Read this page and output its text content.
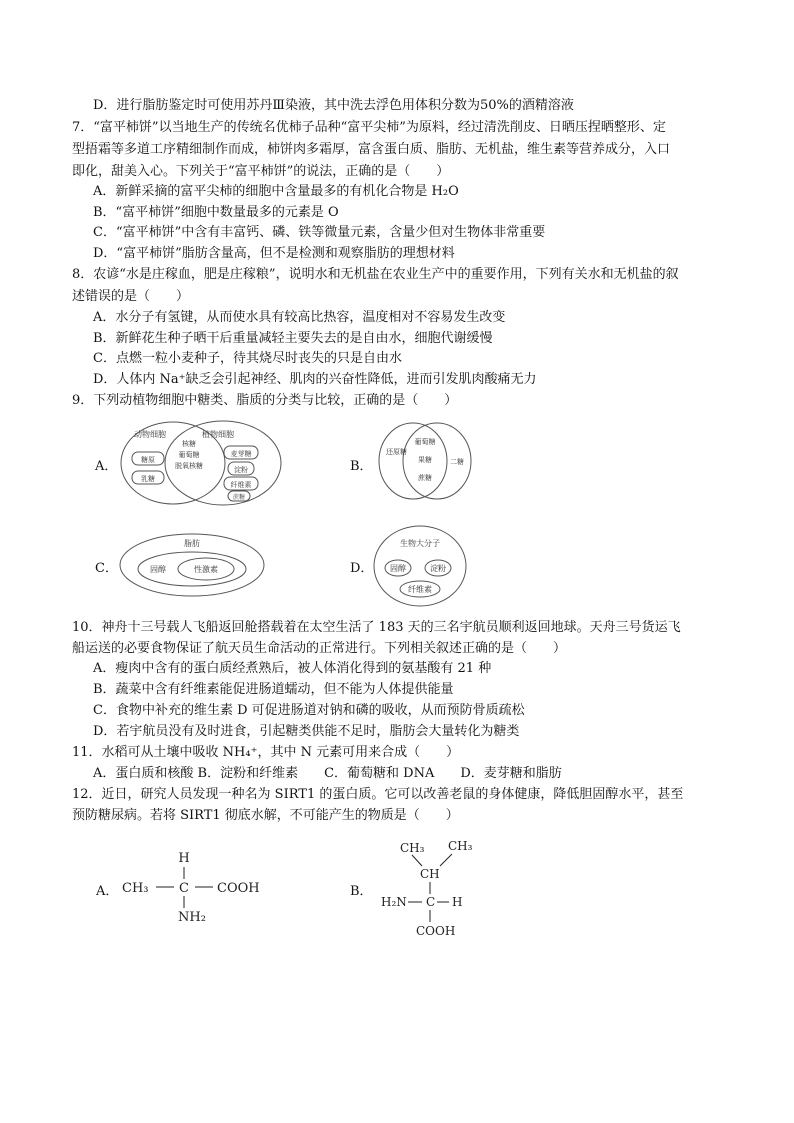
D．进行脂肪鉴定时可使用苏丹Ⅲ染液，其中洗去浮色用体积分数为50%的酒精溶液
7．“富平柿饼”以当地生产的传统名优柿子品种“富平尖柿”为原料，经过清洗削皮、日晒压捏晒整形、定
型捂霜等多道工序精细制作而成，柿饼肉多霜厚，富含蛋白质、脂肪、无机盐，维生素等营养成分，入口
即化，甜美入心。下列关于“富平柿饼”的说法，正确的是（　　）
A．新鲜采摘的富平尖柿的细胞中含量最多的有机化合物是 H₂O
B．“富平柿饼”细胞中数量最多的元素是 O
C．“富平柿饼”中含有丰富钙、磷、铁等微量元素，含量少但对生物体非常重要
D．“富平柿饼”脂肪含量高，但不是检测和观察脂肪的理想材料
8．农谚“水是庄稼血，肥是庄稼粮”，说明水和无机盐在农业生产中的重要作用，下列有关水和无机盐的叙
述错误的是（　　）
A．水分子有氢键，从而使水具有较高比热容，温度相对不容易发生改变
B．新鲜花生种子晒干后重量减轻主要失去的是自由水，细胞代谢缓慢
C．点燃一粒小麦种子，待其烧尽时丧失的只是自由水
D．人体内 Na⁺缺乏会引起神经、肌肉的兴奋性降低，进而引发肌肉酸痛无力
9．下列动植物细胞中糖类、脂质的分类与比较，正确的是（　　）
A．
动物细胞	植物细胞
糖原
乳糖
核糖
葡萄糖
脱氧核糖
麦芽糖
淀粉
纤维素
蔗糖
B．
还原糖
葡萄糖
果糖
蔗糖
二糖
C．
脂肪
固醇	性激素	D．
生物大分子
固醇	淀粉
纤维素
10．神舟十三号载人飞船返回舱搭载着在太空生活了 183 天的三名宇航员顺利返回地球。天舟三号货运飞
船运送的必要食物保证了航天员生命活动的正常进行。下列相关叙述正确的是（　　）
A．瘦肉中含有的蛋白质经煮熟后，被人体消化得到的氨基酸有 21 种
B．蔬菜中含有纤维素能促进肠道蠕动，但不能为人体提供能量
C．食物中补充的维生素 D 可促进肠道对钠和磷的吸收，从而预防骨质疏松
D．若宇航员没有及时进食，引起糖类供能不足时，脂肪会大量转化为糖类
11．水稻可从土壤中吸收 NH₄⁺，其中 N 元素可用来合成（　　）
A．蛋白质和核酸 B．淀粉和纤维素　　C．葡萄糖和 DNA　　D．麦芽糖和脂肪
12．近日，研究人员发现一种名为 SIRT1 的蛋白质。它可以改善老鼠的身体健康，降低胆固醇水平，甚至
预防糖尿病。若将 SIRT1 彻底水解，不可能产生的物质是（　　）
A．
H
CH₃ C COOH
NH₂
B．
CH₃ CH₃
CH
H₂N C H
COOH
